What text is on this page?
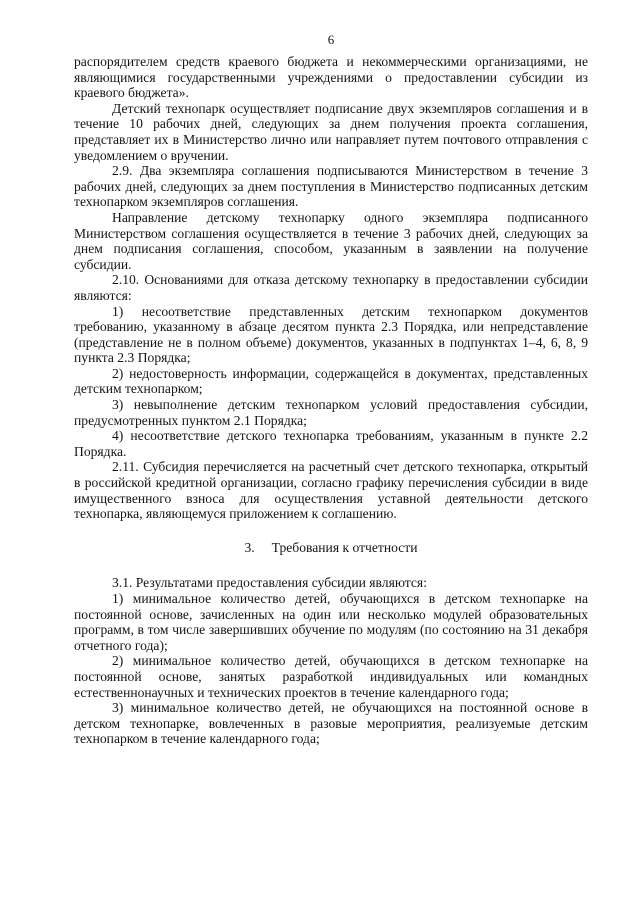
6

распорядителем средств краевого бюджета и некоммерческими организациями, не являющимися государственными учреждениями о предоставлении субсидии из краевого бюджета».

Детский технопарк осуществляет подписание двух экземпляров соглашения и в течение 10 рабочих дней, следующих за днем получения проекта соглашения, представляет их в Министерство лично или направляет путем почтового отправления с уведомлением о вручении.

2.9. Два экземпляра соглашения подписываются Министерством в течение 3 рабочих дней, следующих за днем поступления в Министерство подписанных детским технопарком экземпляров соглашения.

Направление детскому технопарку одного экземпляра подписанного Министерством соглашения осуществляется в течение 3 рабочих дней, следующих за днем подписания соглашения, способом, указанным в заявлении на получение субсидии.

2.10. Основаниями для отказа детскому технопарку в предоставлении субсидии являются:

1) несоответствие представленных детским технопарком документов требованию, указанному в абзаце десятом пункта 2.3 Порядка, или непредставление (представление не в полном объеме) документов, указанных в подпунктах 1–4, 6, 8, 9 пункта 2.3 Порядка;

2) недостоверность информации, содержащейся в документах, представленных детским технопарком;

3) невыполнение детским технопарком условий предоставления субсидии, предусмотренных пунктом 2.1 Порядка;

4) несоответствие детского технопарка требованиям, указанным в пункте 2.2 Порядка.

2.11. Субсидия перечисляется на расчетный счет детского технопарка, открытый в российской кредитной организации, согласно графику перечисления субсидии в виде имущественного взноса для осуществления уставной деятельности детского технопарка, являющемуся приложением к соглашению.

3.     Требования к отчетности

3.1. Результатами предоставления субсидии являются:

1) минимальное количество детей, обучающихся в детском технопарке на постоянной основе, зачисленных на один или несколько модулей образовательных программ, в том числе завершивших обучение по модулям (по состоянию на 31 декабря отчетного года);

2) минимальное количество детей, обучающихся в детском технопарке на постоянной основе, занятых разработкой индивидуальных или командных естественнонаучных и технических проектов в течение календарного года;

3) минимальное количество детей, не обучающихся на постоянной основе в детском технопарке, вовлеченных в разовые мероприятия, реализуемые детским технопарком в течение календарного года;
